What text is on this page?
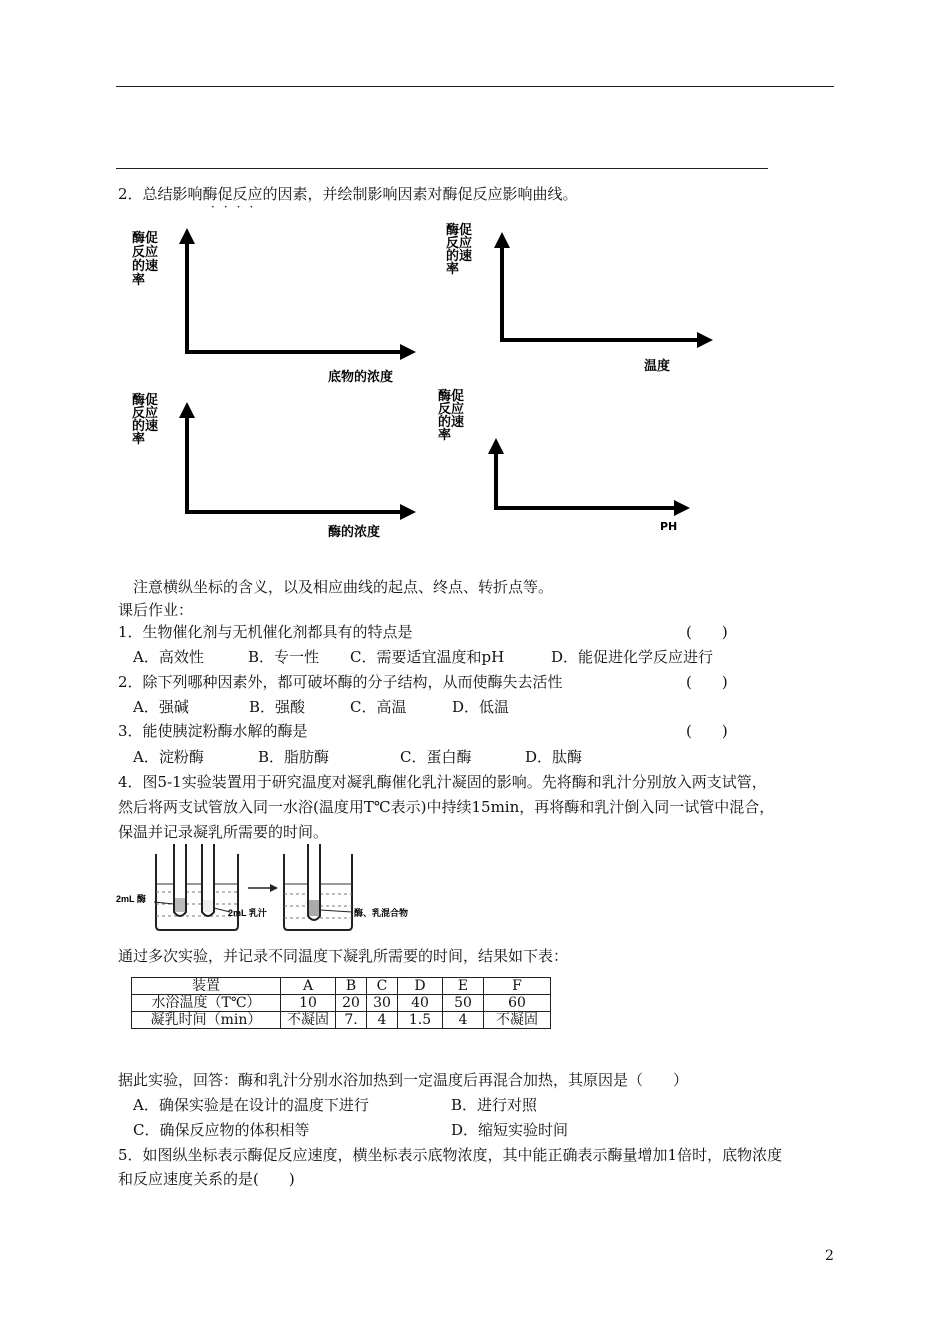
2．总结影响酶促反应的因素，并绘制影响因素对酶促反应影响曲线。
····
酶促
反应
的速
率
底物的浓度
酶促
反应
的速
率
温度
酶促
反应
的速
率
酶的浓度
酶促
反应
的速
率
PH
注意横纵坐标的含义，以及相应曲线的起点、终点、转折点等。
课后作业：
1．生物催化剂与无机催化剂都具有的特点是	(　　)
A．高效性	B．专一性 C．需要适宜温度和pH	D．能促进化学反应进行
2．除下列哪种因素外，都可破坏酶的分子结构，从而使酶失去活性	(　　)
A．强碱	B．强酸	C．高温	D．低温
3．能使胰淀粉酶水解的酶是	(　　)
A．淀粉酶	B．脂肪酶	C．蛋白酶	D．肽酶
4．图5-1实验装置用于研究温度对凝乳酶催化乳汁凝固的影响。先将酶和乳汁分别放入两支试管，
然后将两支试管放入同一水浴(温度用T℃表示)中持续15min，再将酶和乳汁倒入同一试管中混合，
保温并记录凝乳所需要的时间。
2mL 酶
2mL 乳汁	酶、乳混合物
通过多次实验，并记录不同温度下凝乳所需要的时间，结果如下表：
装置	A	B	C	D	E	F
水浴温度（T℃）	10	20	30	40	50	60
凝乳时间（min）	不凝固	7.	4	1.5	4	不凝固
据此实验，回答：酶和乳汁分别水浴加热到一定温度后再混合加热，其原因是（　　）
A．确保实验是在设计的温度下进行	B．进行对照
C．确保反应物的体积相等	D．缩短实验时间
5．如图纵坐标表示酶促反应速度，横坐标表示底物浓度，其中能正确表示酶量增加1倍时，底物浓度
和反应速度关系的是(　　)
2
